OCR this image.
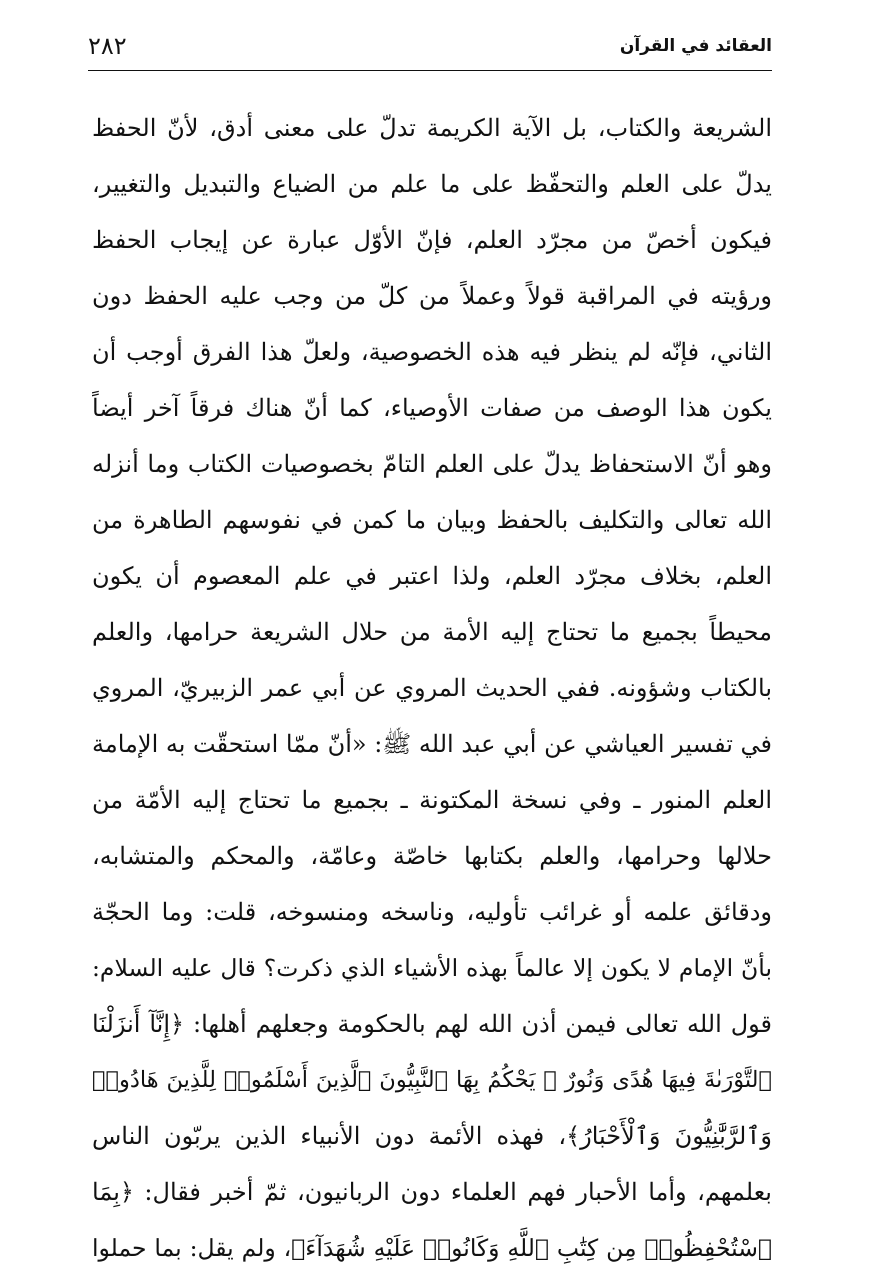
٢٨٢	العقائد في القرآن
الشريعة والكتاب، بل الآية الكريمة تدلّ على معنى أدق، لأنّ الحفظ
يدلّ على العلم والتحفّظ على ما علم من الضياع والتبديل والتغيير،
فيكون أخصّ من مجرّد العلم، فإنّ الأوّل عبارة عن إيجاب الحفظ
ورؤيته في المراقبة قولاً وعملاً من كلّ من وجب عليه الحفظ دون
الثاني، فإنّه لم ينظر فيه هذه الخصوصية، ولعلّ هذا الفرق أوجب أن
يكون هذا الوصف من صفات الأوصياء، كما أنّ هناك فرقاً آخر أيضاً
وهو أنّ الاستحفاظ يدلّ على العلم التامّ بخصوصيات الكتاب وما أنزله
الله تعالى والتكليف بالحفظ وبيان ما كمن في نفوسهم الطاهرة من
العلم، بخلاف مجرّد العلم، ولذا اعتبر في علم المعصوم أن يكون
محيطاً بجميع ما تحتاج إليه الأمة من حلال الشريعة حرامها، والعلم
بالكتاب وشؤونه. ففي الحديث المروي عن أبي عمر الزبيريّ، المروي
في تفسير العياشي عن أبي عبد الله ﷺ: «أنّ ممّا استحقّت به الإمامة
العلم المنور ـ وفي نسخة المكتونة ـ بجميع ما تحتاج إليه الأمّة من
حلالها وحرامها، والعلم بكتابها خاصّة وعامّة، والمحكم والمتشابه،
ودقائق علمه أو غرائب تأوليه، وناسخه ومنسوخه، قلت: وما الحجّة
بأنّ الإمام لا يكون إلا عالماً بهذه الأشياء الذي ذكرت؟ قال عليه السلام:
قول الله تعالى فيمن أذن الله لهم بالحكومة وجعلهم أهلها: ﴿إِنَّآ أَنزَلْنَا
ٱلتَّوْرَىٰةَ فِيهَا هُدًى وَنُورٌ ۚ يَحْكُمُ بِهَا ٱلنَّبِيُّونَ ٱلَّذِينَ أَسْلَمُوا۟ لِلَّذِينَ هَادُوا۟
وَٱلرَّبَّٰنِيُّونَ وَٱلْأَحْبَارُ﴾، فهذه الأئمة دون الأنبياء الذين يربّون الناس
بعلمهم، وأما الأحبار فهم العلماء دون الربانيون، ثمّ أخبر فقال: ﴿بِمَا
ٱسْتُحْفِظُوا۟ مِن كِتَٰبِ ٱللَّهِ وَكَانُوا۟ عَلَيْهِ شُهَدَآءَ﴾، ولم يقل: بما حملوا
